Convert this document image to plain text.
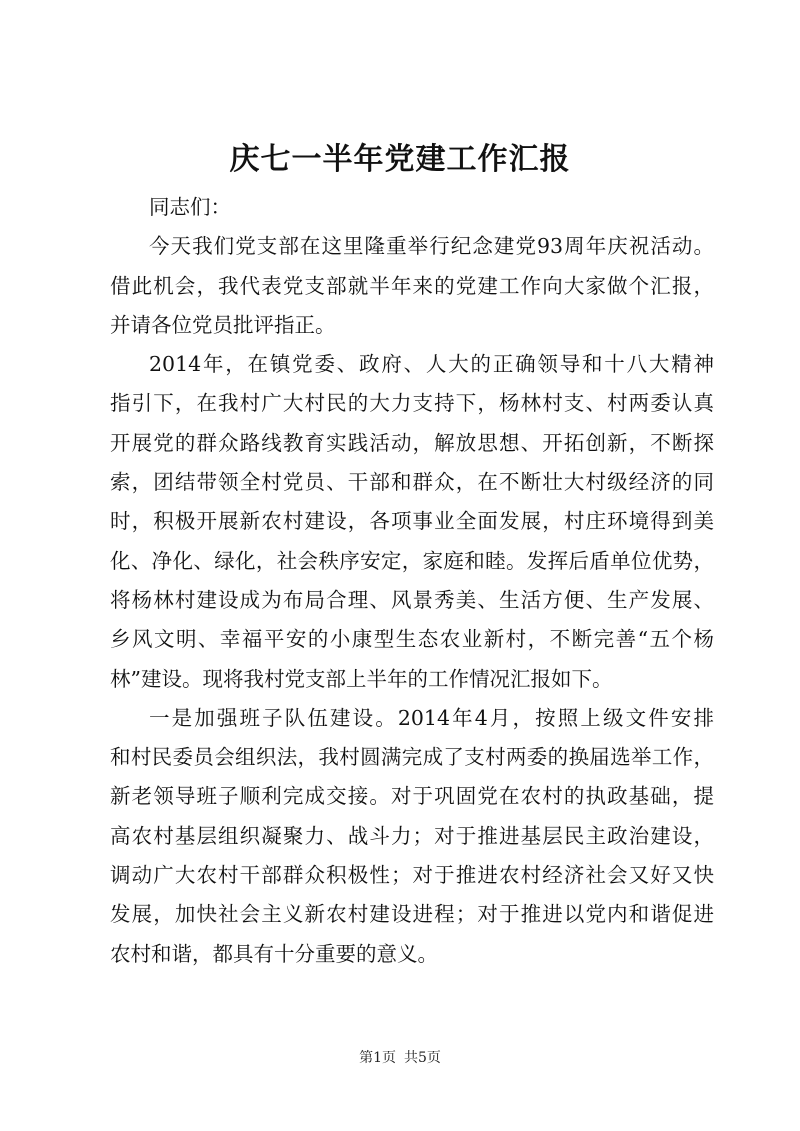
庆七一半年党建工作汇报
同志们：
今天我们党支部在这里隆重举行纪念建党93周年庆祝活动。
借此机会，我代表党支部就半年来的党建工作向大家做个汇报，
并请各位党员批评指正。
2014年，在镇党委、政府、人大的正确领导和十八大精神
指引下，在我村广大村民的大力支持下，杨林村支、村两委认真
开展党的群众路线教育实践活动，解放思想、开拓创新，不断探
索，团结带领全村党员、干部和群众，在不断壮大村级经济的同
时，积极开展新农村建设，各项事业全面发展，村庄环境得到美
化、净化、绿化，社会秩序安定，家庭和睦。发挥后盾单位优势，
将杨林村建设成为布局合理、风景秀美、生活方便、生产发展、
乡风文明、幸福平安的小康型生态农业新村，不断完善“五个杨
林”建设。现将我村党支部上半年的工作情况汇报如下。
一是加强班子队伍建设。2014年4月，按照上级文件安排
和村民委员会组织法，我村圆满完成了支村两委的换届选举工作，
新老领导班子顺利完成交接。对于巩固党在农村的执政基础，提
高农村基层组织凝聚力、战斗力；对于推进基层民主政治建设，
调动广大农村干部群众积极性；对于推进农村经济社会又好又快
发展，加快社会主义新农村建设进程；对于推进以党内和谐促进
农村和谐，都具有十分重要的意义。
第1页 共5页
